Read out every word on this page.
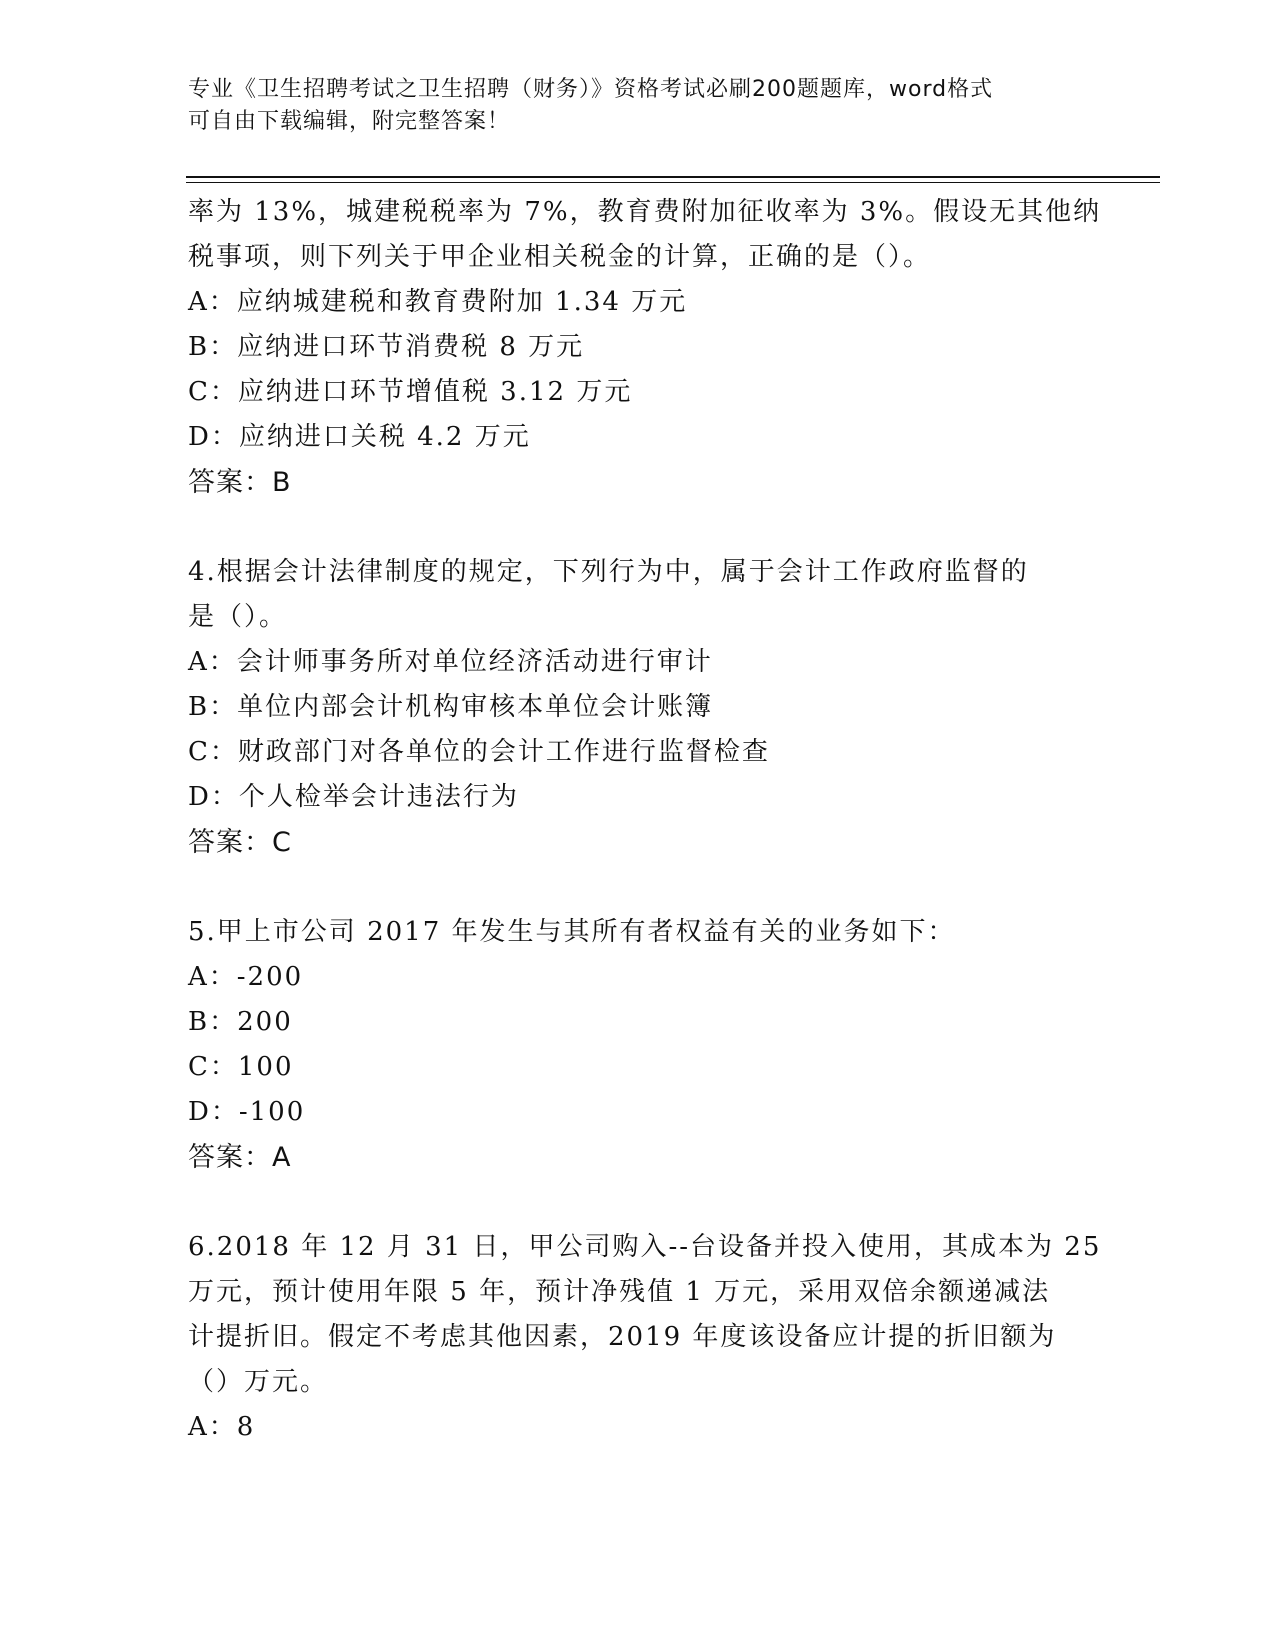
专业《卫生招聘考试之卫生招聘（财务）》资格考试必刷200题题库，word格式
可自由下载编辑，附完整答案！
率为 13%，城建税税率为 7%，教育费附加征收率为 3%。假设无其他纳
税事项，则下列关于甲企业相关税金的计算，正确的是（）。
A：应纳城建税和教育费附加 1.34 万元
B：应纳进口环节消费税 8 万元
C：应纳进口环节增值税 3.12 万元
D：应纳进口关税 4.2 万元
答案：B
4.根据会计法律制度的规定，下列行为中，属于会计工作政府监督的
是（）。
A：会计师事务所对单位经济活动进行审计
B：单位内部会计机构审核本单位会计账簿
C：财政部门对各单位的会计工作进行监督检查
D：个人检举会计违法行为
答案：C
5.甲上市公司 2017 年发生与其所有者权益有关的业务如下：
A：-200
B：200
C：100
D：-100
答案：A
6.2018 年 12 月 31 日，甲公司购入--台设备并投入使用，其成本为 25
万元，预计使用年限 5 年，预计净残值 1 万元，采用双倍余额递减法
计提折旧。假定不考虑其他因素，2019 年度该设备应计提的折旧额为
（）万元。
A：8
